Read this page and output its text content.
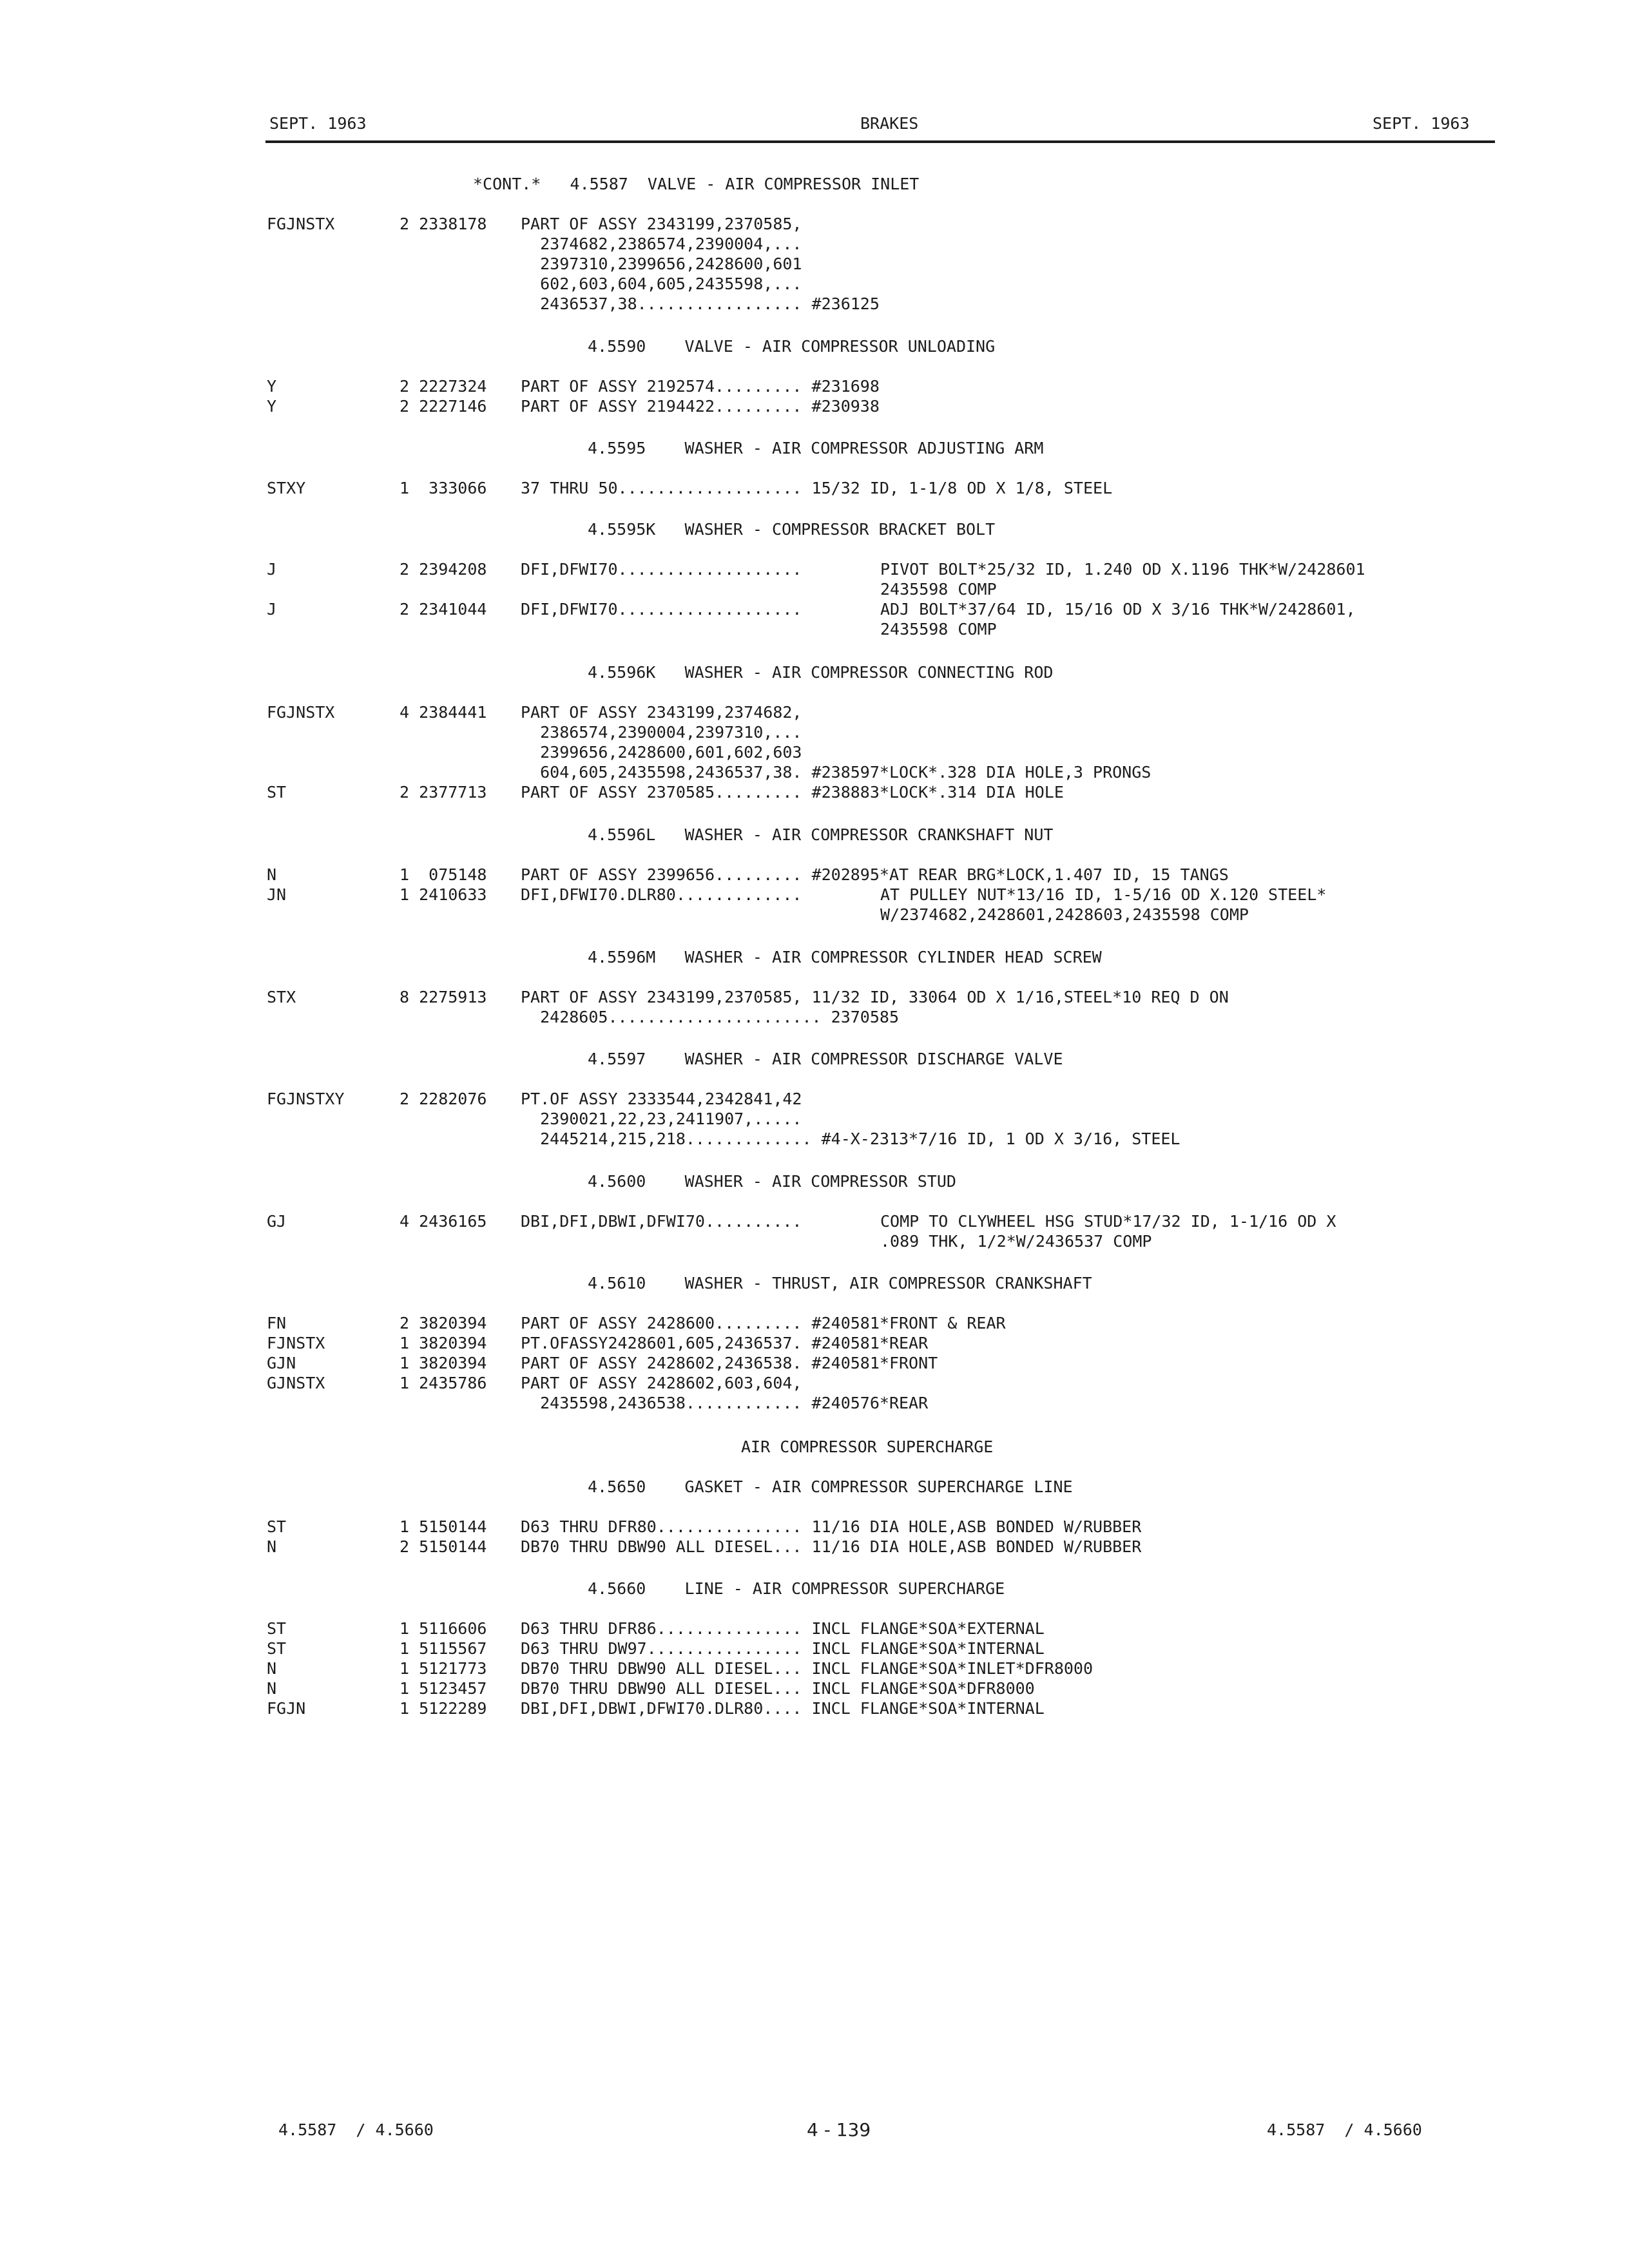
SEPT. 1963	BRAKES	SEPT. 1963
*CONT.*   4.5587  VALVE - AIR COMPRESSOR INLET
FGJNSTX	2 2338178 PART OF ASSY 2343199,2370585,
2374682,2386574,2390004,...
2397310,2399656,2428600,601
602,603,604,605,2435598,...
2436537,38................. #236125
4.5590    VALVE - AIR COMPRESSOR UNLOADING
Y	2 2227324 PART OF ASSY 2192574......... #231698
Y	2 2227146 PART OF ASSY 2194422......... #230938
4.5595    WASHER - AIR COMPRESSOR ADJUSTING ARM
STXY	1  333066 37 THRU 50................... 15/32 ID, 1-1/8 OD X 1/8, STEEL
4.5595K   WASHER - COMPRESSOR BRACKET BOLT
J	2 2394208 DFI,DFWI70...................	PIVOT BOLT*25/32 ID, 1.240 OD X.1196 THK*W/2428601
2435598 COMP
J	2 2341044 DFI,DFWI70...................	ADJ BOLT*37/64 ID, 15/16 OD X 3/16 THK*W/2428601,
2435598 COMP
4.5596K   WASHER - AIR COMPRESSOR CONNECTING ROD
FGJNSTX	4 2384441 PART OF ASSY 2343199,2374682,
2386574,2390004,2397310,...
2399656,2428600,601,602,603
604,605,2435598,2436537,38. #238597*LOCK*.328 DIA HOLE,3 PRONGS
ST	2 2377713 PART OF ASSY 2370585......... #238883*LOCK*.314 DIA HOLE
4.5596L   WASHER - AIR COMPRESSOR CRANKSHAFT NUT
N	1  075148 PART OF ASSY 2399656......... #202895*AT REAR BRG*LOCK,1.407 ID, 15 TANGS
JN	1 2410633 DFI,DFWI70.DLR80.............	AT PULLEY NUT*13/16 ID, 1-5/16 OD X.120 STEEL*
W/2374682,2428601,2428603,2435598 COMP
4.5596M   WASHER - AIR COMPRESSOR CYLINDER HEAD SCREW
STX	8 2275913 PART OF ASSY 2343199,2370585, 11/32 ID, 33064 OD X 1/16,STEEL*10 REQ D ON
2428605...................... 2370585
4.5597    WASHER - AIR COMPRESSOR DISCHARGE VALVE
FGJNSTXY	2 2282076 PT.OF ASSY 2333544,2342841,42
2390021,22,23,2411907,.....
2445214,215,218............. #4-X-2313*7/16 ID, 1 OD X 3/16, STEEL
4.5600    WASHER - AIR COMPRESSOR STUD
GJ	4 2436165 DBI,DFI,DBWI,DFWI70..........	COMP TO CLYWHEEL HSG STUD*17/32 ID, 1-1/16 OD X
.089 THK, 1/2*W/2436537 COMP
4.5610    WASHER - THRUST, AIR COMPRESSOR CRANKSHAFT
FN	2 3820394 PART OF ASSY 2428600......... #240581*FRONT & REAR
FJNSTX	1 3820394 PT.OFASSY2428601,605,2436537. #240581*REAR
GJN	1 3820394 PART OF ASSY 2428602,2436538. #240581*FRONT
GJNSTX	1 2435786 PART OF ASSY 2428602,603,604,
2435598,2436538............ #240576*REAR
AIR COMPRESSOR SUPERCHARGE
4.5650    GASKET - AIR COMPRESSOR SUPERCHARGE LINE
ST	1 5150144 D63 THRU DFR80............... 11/16 DIA HOLE,ASB BONDED W/RUBBER
N	2 5150144 DB70 THRU DBW90 ALL DIESEL... 11/16 DIA HOLE,ASB BONDED W/RUBBER
4.5660    LINE - AIR COMPRESSOR SUPERCHARGE
ST	1 5116606 D63 THRU DFR86............... INCL FLANGE*SOA*EXTERNAL
ST	1 5115567 D63 THRU DW97................ INCL FLANGE*SOA*INTERNAL
N	1 5121773 DB70 THRU DBW90 ALL DIESEL... INCL FLANGE*SOA*INLET*DFR8000
N	1 5123457 DB70 THRU DBW90 ALL DIESEL... INCL FLANGE*SOA*DFR8000
FGJN	1 5122289 DBI,DFI,DBWI,DFWI70.DLR80.... INCL FLANGE*SOA*INTERNAL
4.5587  / 4.5660	4 - 139	4.5587  / 4.5660
